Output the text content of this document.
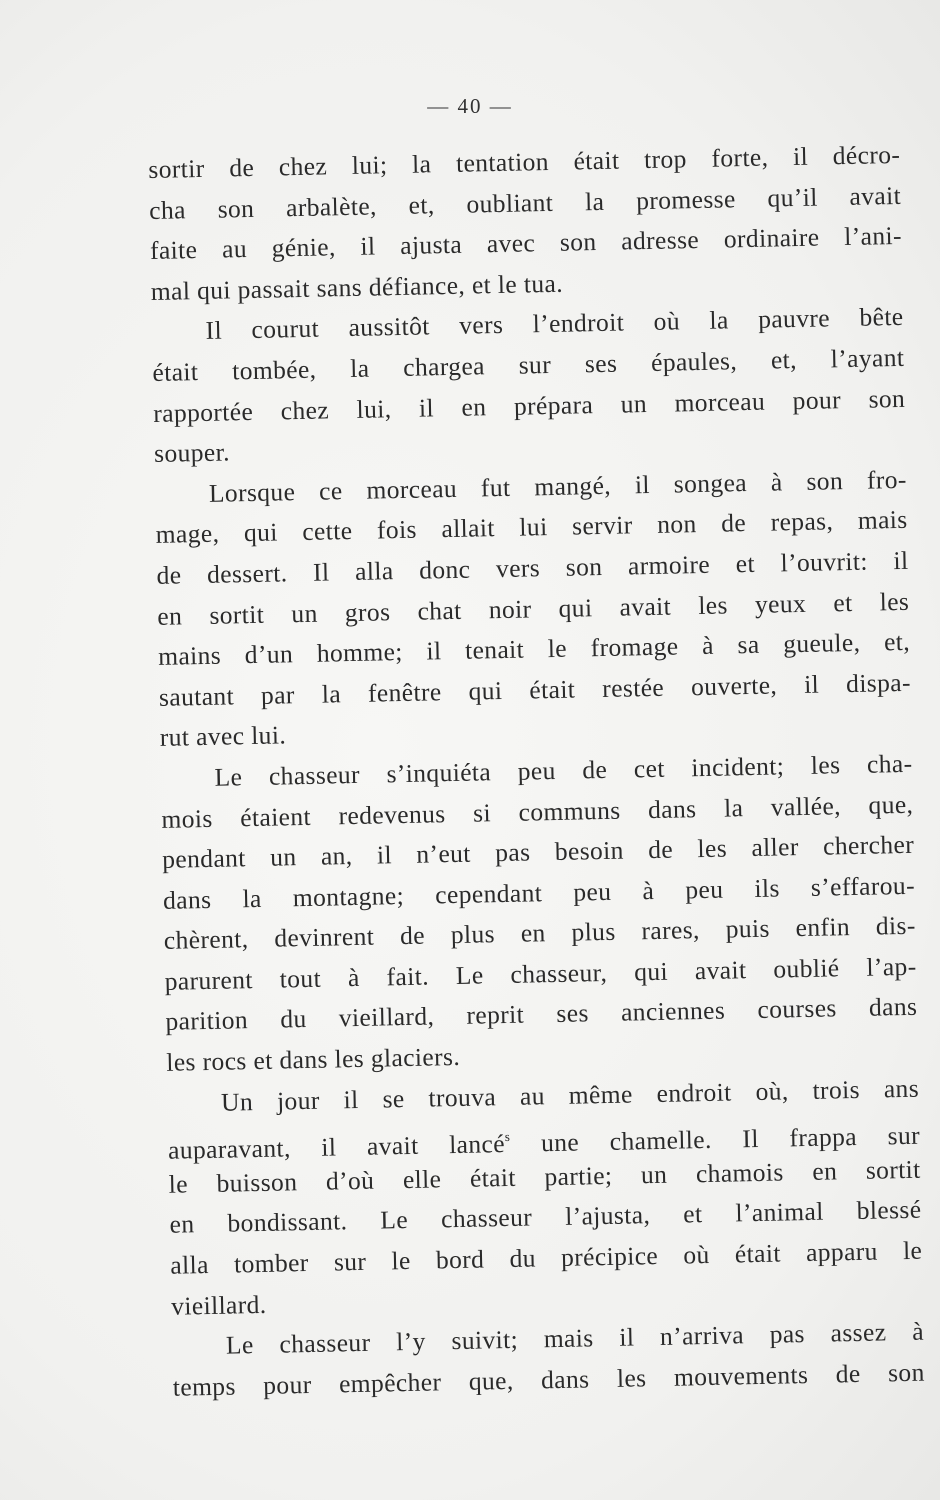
— 40 —
sortir de chez lui; la tentation était trop forte, il décro-
cha son arbalète, et, oubliant la promesse qu’il avait
faite au génie, il ajusta avec son adresse ordinaire l’ani-
mal qui passait sans défiance, et le tua.
Il courut aussitôt vers l’endroit où la pauvre bête
était tombée, la chargea sur ses épaules, et, l’ayant
rapportée chez lui, il en prépara un morceau pour son
souper.
Lorsque ce morceau fut mangé, il songea à son fro-
mage, qui cette fois allait lui servir non de repas, mais
de dessert. Il alla donc vers son armoire et l’ouvrit: il
en sortit un gros chat noir qui avait les yeux et les
mains d’un homme; il tenait le fromage à sa gueule, et,
sautant par la fenêtre qui était restée ouverte, il dispa-
rut avec lui.
Le chasseur s’inquiéta peu de cet incident; les cha-
mois étaient redevenus si communs dans la vallée, que,
pendant un an, il n’eut pas besoin de les aller chercher
dans la montagne; cependant peu à peu ils s’effarou-
chèrent, devinrent de plus en plus rares, puis enfin dis-
parurent tout à fait. Le chasseur, qui avait oublié l’ap-
parition du vieillard, reprit ses anciennes courses dans
les rocs et dans les glaciers.
Un jour il se trouva au même endroit où, trois ans
auparavant, il avait lancé$^s$ une chamelle. Il frappa sur
le buisson d’où elle était partie; un chamois en sortit
en bondissant. Le chasseur l’ajusta, et l’animal blessé
alla tomber sur le bord du précipice où était apparu le
vieillard.
Le chasseur l’y suivit; mais il n’arriva pas assez à
temps pour empêcher que, dans les mouvements de son
